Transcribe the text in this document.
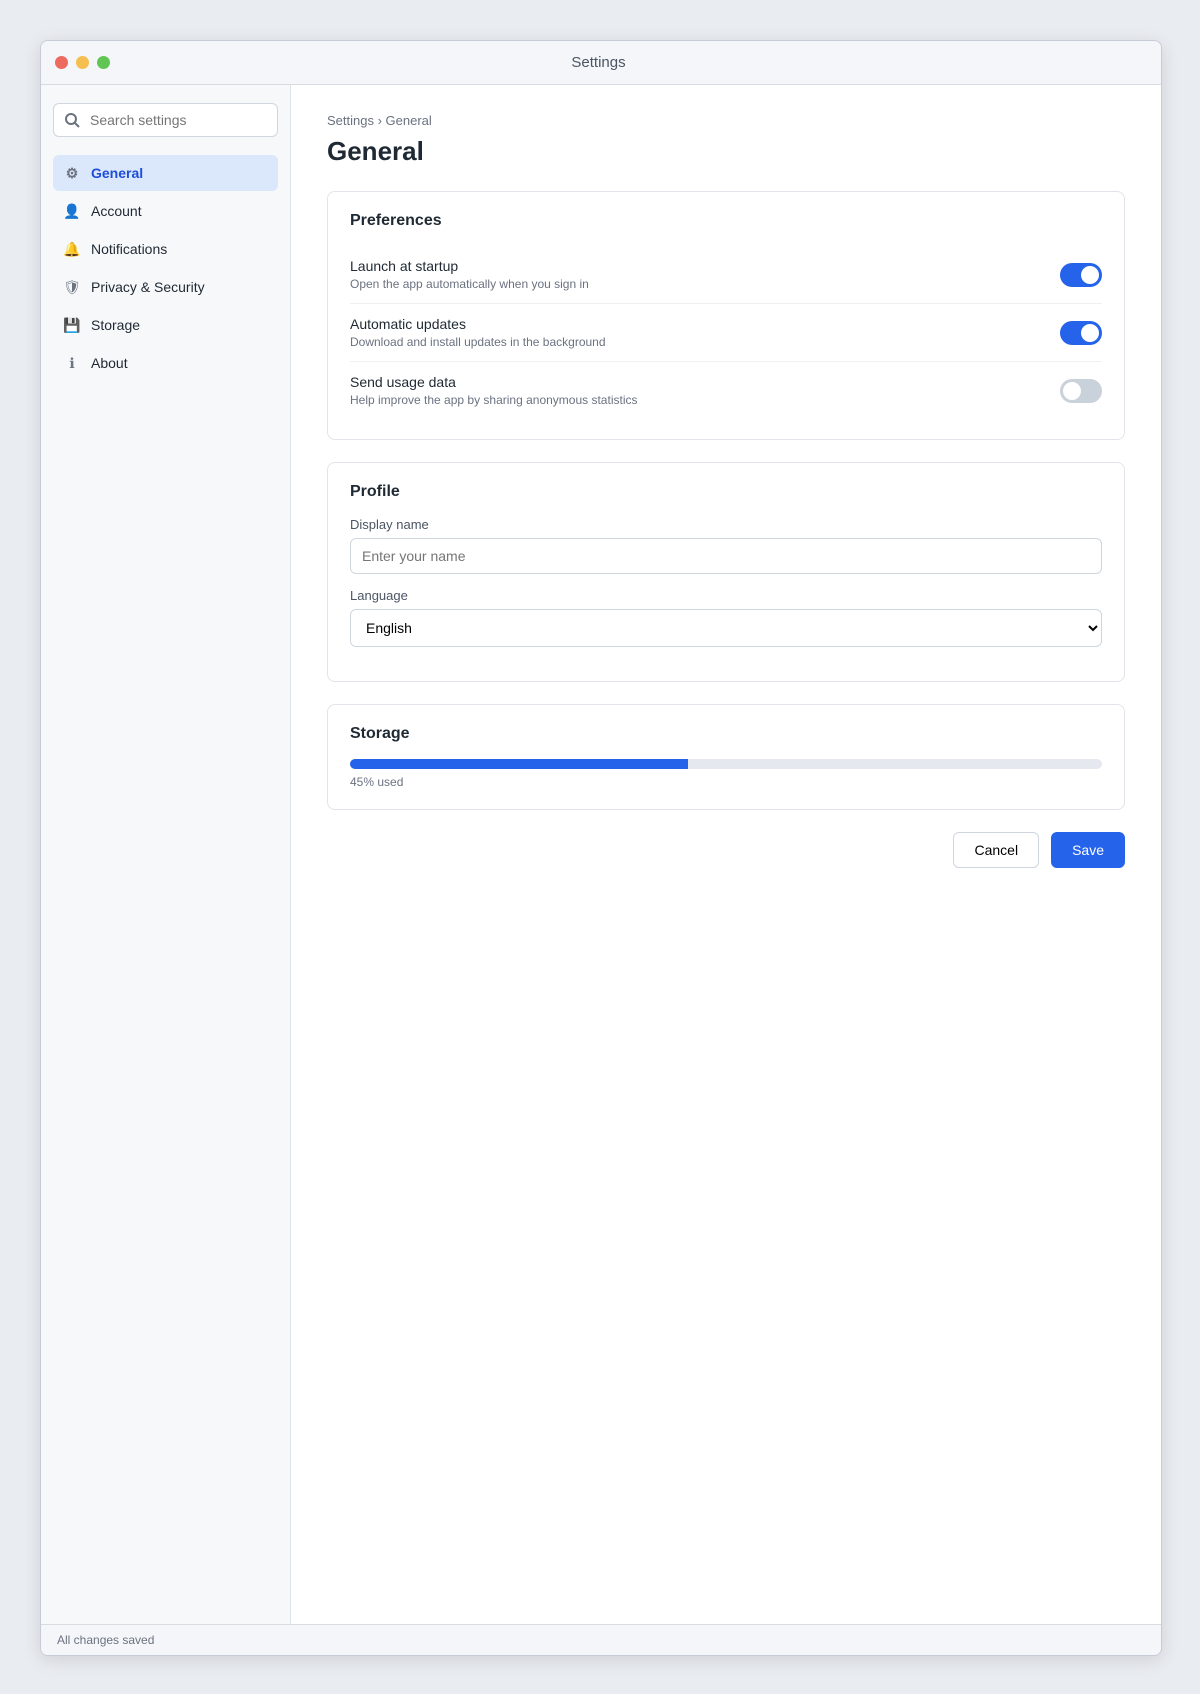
Settings
Search settings
⚙ General
👤 Account
🔔 Notifications
🛡 Privacy & Security
💾 Storage
ℹ	About
Settings › General
General
Preferences
Launch at startup
Open the app automatically when you sign in
Automatic updates
Download and install updates in the background
Send usage data
Help improve the app by sharing anonymous statistics
Profile
Display name
Enter your name
Language
English
Storage
45% used
Cancel	Save
All changes saved
